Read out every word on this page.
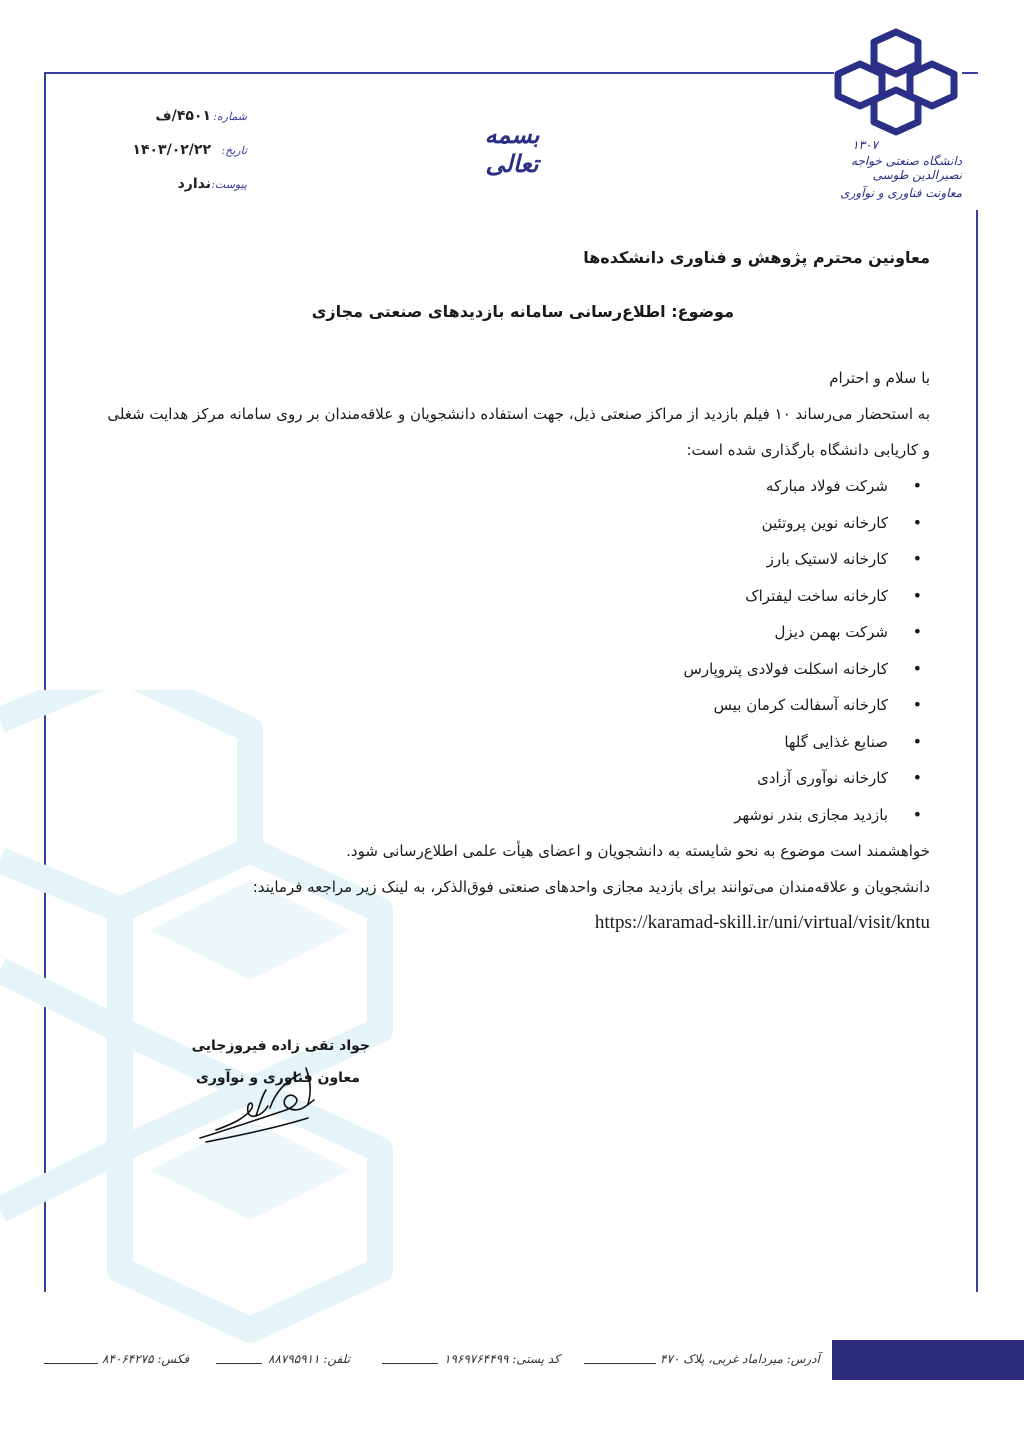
۱۳۰۷
دانشگاه صنعتی خواجه نصیرالدین طوسی
معاونت فناوری و نوآوری
بسمه تعالی
شماره:
۴۵۰۱/ف
تاریخ:
۱۴۰۳/۰۲/۲۲
پیوست:
ندارد
معاونین محترم پژوهش و فناوری دانشکده‌ها
موضوع: اطلاع‌رسانی سامانه بازدیدهای صنعتی مجازی
با سلام و احترام

به استحضار می‌رساند ۱۰ فیلم بازدید از مراکز صنعتی ذیل، جهت استفاده دانشجویان و علاقه‌مندان بر روی سامانه مرکز هدایت شغلی و کاریابی دانشگاه بارگذاری شده است:

• شرکت فولاد مبارکه
• کارخانه نوین پروتئین
• کارخانه لاستیک بارز
• کارخانه ساخت لیفتراک
• شرکت بهمن دیزل
• کارخانه اسکلت فولادی پتروپارس
• کارخانه آسفالت کرمان بیس
• صنایع غذایی گلها
• کارخانه نوآوری آزادی
• بازدید مجازی بندر نوشهر
خواهشمند است موضوع به نحو شایسته به دانشجویان و اعضای هیأت علمی اطلاع‌رسانی شود.
دانشجویان و علاقه‌مندان می‌توانند برای بازدید مجازی واحدهای صنعتی فوق‌الذکر، به لینک زیر مراجعه فرمایند:
https://karamad-skill.ir/uni/virtual/visit/kntu
جواد تقی زاده فیروزجایی
معاون فناوری و نوآوری
آدرس: میرداماد غربی، پلاک ۴۷۰
کد پستی: ۱۹۶۹۷۶۴۴۹۹
تلفن: ۸۸۷۹۵۹۱۱
فکس: ۸۴۰۶۴۲۷۵
